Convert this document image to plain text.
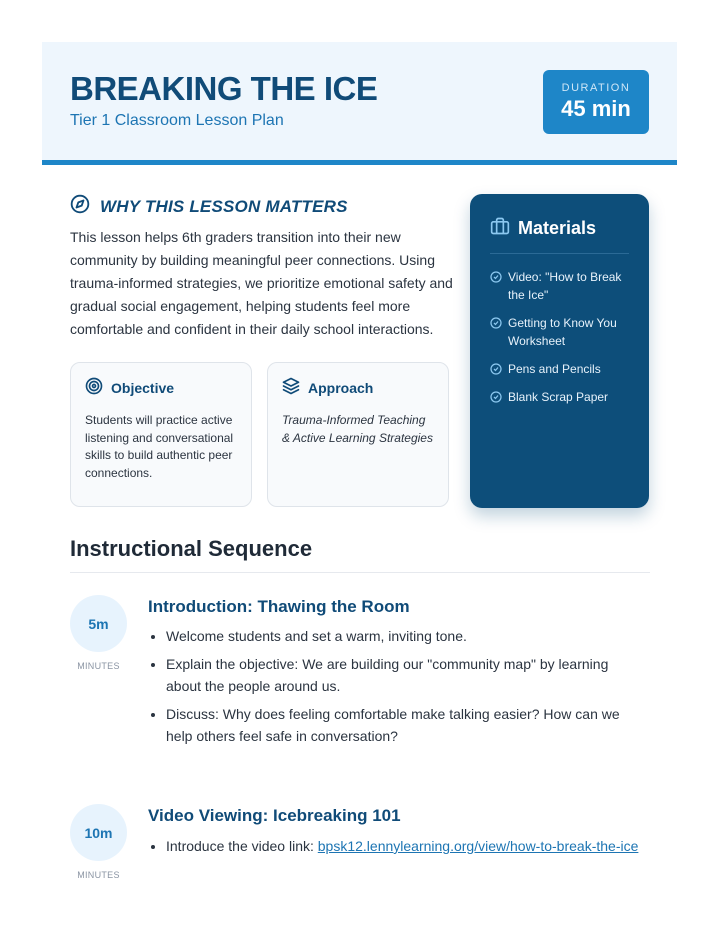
BREAKING THE ICE
Tier 1 Classroom Lesson Plan
DURATION
45 min
WHY THIS LESSON MATTERS
This lesson helps 6th graders transition into their new community by building meaningful peer connections. Using trauma-informed strategies, we prioritize emotional safety and gradual social engagement, helping students feel more comfortable and confident in their daily school interactions.
Objective
Students will practice active listening and conversational skills to build authentic peer connections.
Approach
Trauma-Informed Teaching & Active Learning Strategies
Materials
Video: "How to Break the Ice"
Getting to Know You Worksheet
Pens and Pencils
Blank Scrap Paper
Instructional Sequence
5m
MINUTES
Introduction: Thawing the Room
• Welcome students and set a warm, inviting tone.
• Explain the objective: We are building our "community map" by learning about the people around us.
• Discuss: Why does feeling comfortable make talking easier? How can we help others feel safe in conversation?
10m
MINUTES
Video Viewing: Icebreaking 101
• Introduce the video link: bpsk12.lennylearning.org/view/how-to-break-the-ice
